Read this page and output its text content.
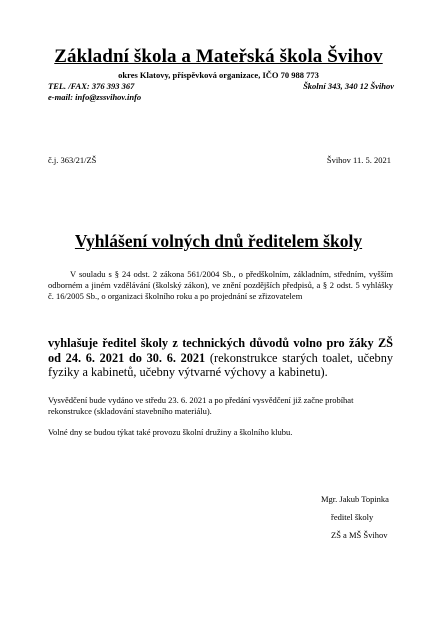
Základní škola a Mateřská škola Švihov
okres Klatovy, příspěvková organizace, IČO 70 988 773
TEL. /FAX: 376 393 367	Školní 343, 340 12 Švihov
e-mail: info@zssvihov.info
č.j. 363/21/ZŠ	Švihov 11. 5. 2021
Vyhlášení volných dnů ředitelem školy
V souladu s § 24 odst. 2 zákona 561/2004 Sb., o předškolním, základním, středním, vyšším odborném a jiném vzdělávání (školský zákon), ve znění pozdějších předpisů, a § 2 odst. 5 vyhlášky č. 16/2005 Sb., o organizaci školního roku a po projednání se zřizovatelem
vyhlašuje ředitel školy z technických důvodů volno pro žáky ZŠ od 24. 6. 2021 do 30. 6. 2021 (rekonstrukce starých toalet, učebny fyziky a kabinetů, učebny výtvarné výchovy a kabinetu).
Vysvědčení bude vydáno ve středu 23. 6. 2021 a po předání vysvědčení již začne probíhat rekonstrukce (skladování stavebního materiálu).
Volné dny se budou týkat také provozu školní družiny a školního klubu.
Mgr. Jakub Topinka
ředitel školy
ZŠ a MŠ Švihov
